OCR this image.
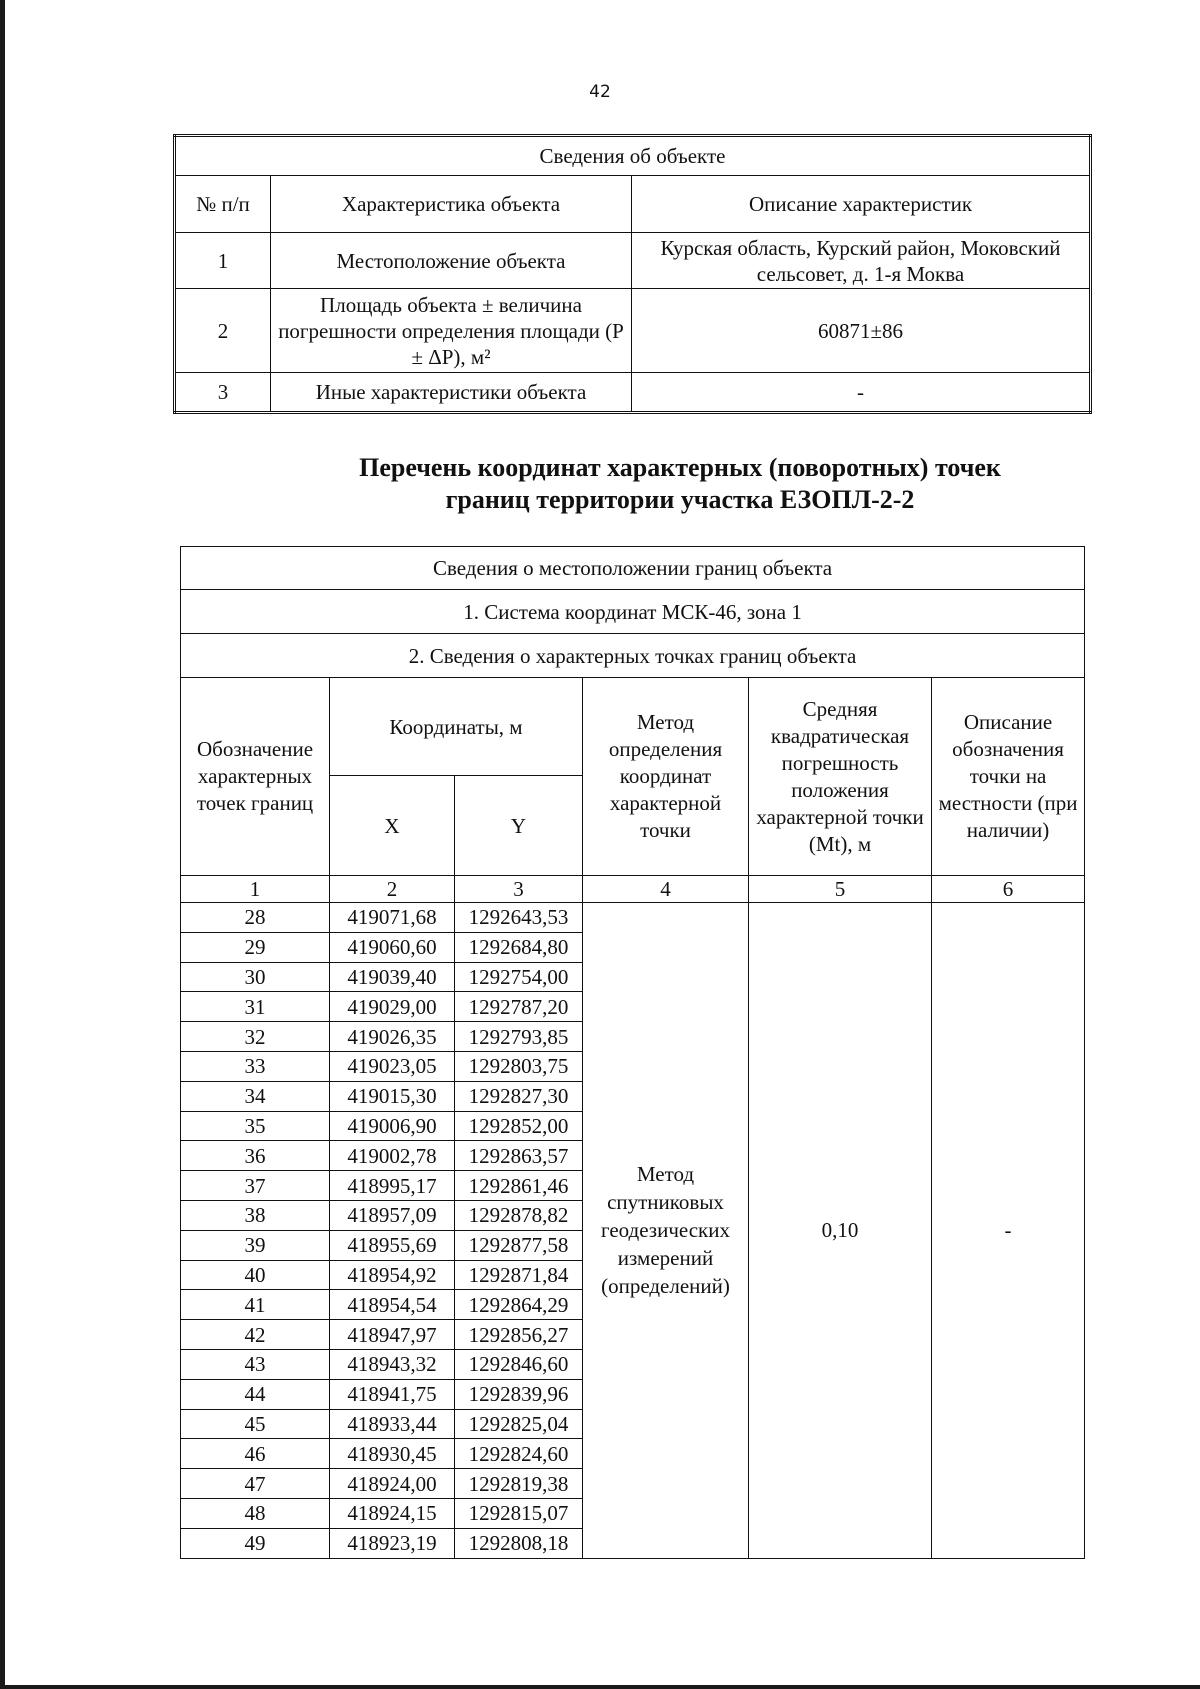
42
Сведения об объекте		
№ п/п	Характеристика объекта	Описание характеристик
1	Местоположение объекта	Курская область, Курский район, Моковский сельсовет, д. 1-я Моква
2	Площадь объекта ± величина погрешности определения площади (P ± ΔP), м²	60871±86
3	Иные характеристики объекта	-
Перечень координат характерных (поворотных) точек
границ территории участка ЕЗОПЛ-2-2
Сведения о местоположении границ объекта					
1. Система координат МСК-46, зона 1					
2. Сведения о характерных точках границ объекта					
Обозначение характерных точек границ	Координаты, м		Метод определения координат характерной точки	Средняя квадратическая погрешность положения характерной точки (Mt), м	Описание обозначения точки на местности (при наличии)
	X	Y			
1	2	3	4	5	6
28	419071,68	1292643,53	Метод спутниковых геодезических измерений (определений)	0,10	-
29	419060,60	1292684,80			
30	419039,40	1292754,00			
31	419029,00	1292787,20			
32	419026,35	1292793,85			
33	419023,05	1292803,75			
34	419015,30	1292827,30			
35	419006,90	1292852,00			
36	419002,78	1292863,57			
37	418995,17	1292861,46			
38	418957,09	1292878,82			
39	418955,69	1292877,58			
40	418954,92	1292871,84			
41	418954,54	1292864,29			
42	418947,97	1292856,27			
43	418943,32	1292846,60			
44	418941,75	1292839,96			
45	418933,44	1292825,04			
46	418930,45	1292824,60			
47	418924,00	1292819,38			
48	418924,15	1292815,07			
49	418923,19	1292808,18			
